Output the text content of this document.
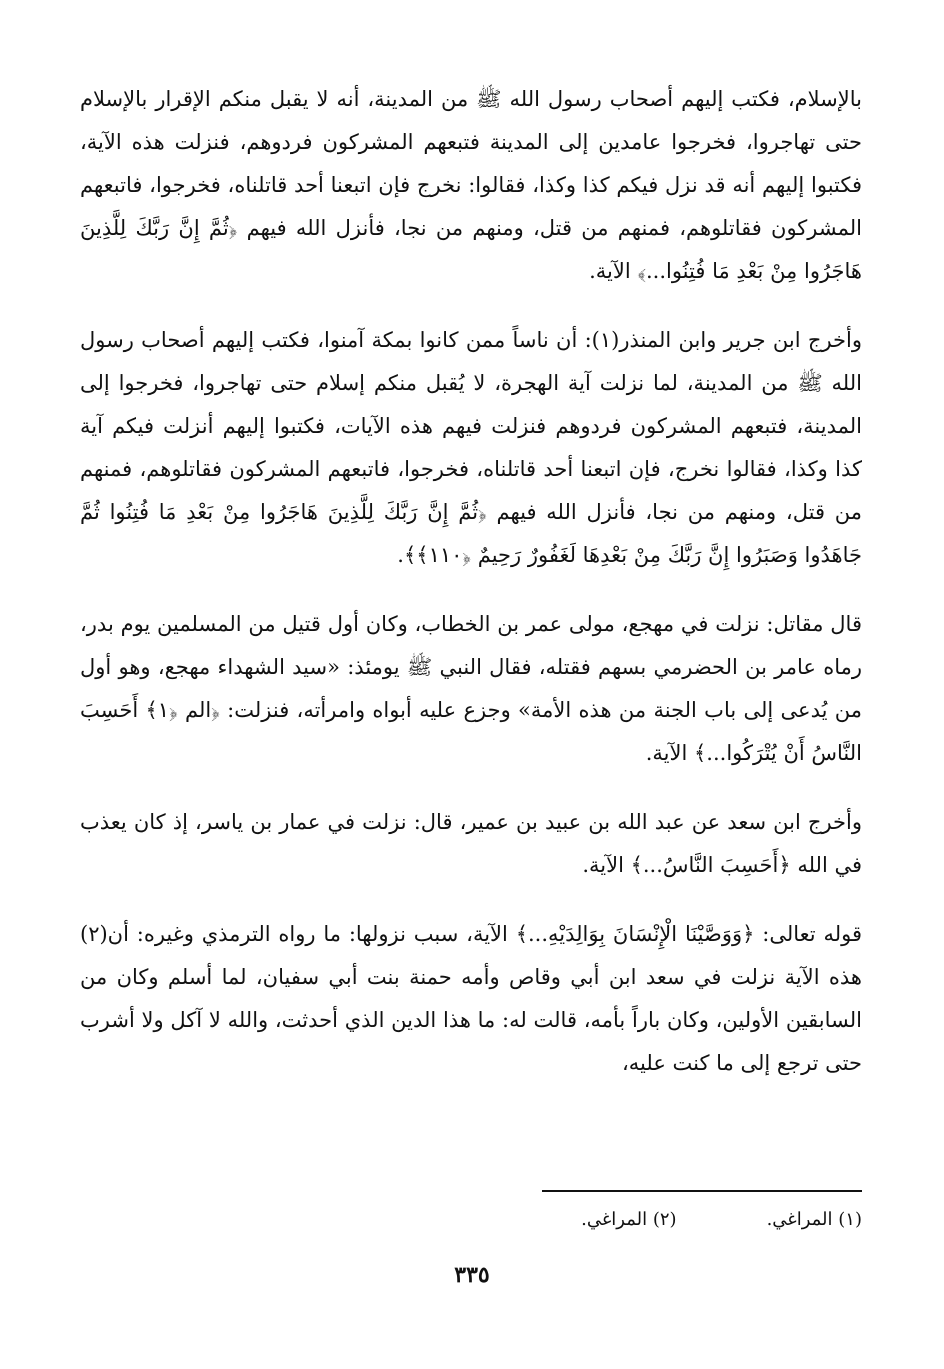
بالإسلام، فكتب إليهم أصحاب رسول الله ﷺ من المدينة، أنه لا يقبل منكم الإقرار بالإسلام حتى تهاجروا، فخرجوا عامدين إلى المدينة فتبعهم المشركون فردوهم، فنزلت هذه الآية، فكتبوا إليهم أنه قد نزل فيكم كذا وكذا، فقالوا: نخرج فإن اتبعنا أحد قاتلناه، فخرجوا، فاتبعهم المشركون فقاتلوهم، فمنهم من قتل، ومنهم من نجا، فأنزل الله فيهم ﴿ثُمَّ إِنَّ رَبَّكَ لِلَّذِينَ هَاجَرُوا مِنْ بَعْدِ مَا فُتِنُوا...﴾ الآية.

وأخرج ابن جرير وابن المنذر(١): أن ناساً ممن كانوا بمكة آمنوا، فكتب إليهم أصحاب رسول الله ﷺ من المدينة، لما نزلت آية الهجرة، لا يُقبل منكم إسلام حتى تهاجروا، فخرجوا إلى المدينة، فتبعهم المشركون فردوهم فنزلت فيهم هذه الآيات، فكتبوا إليهم أنزلت فيكم آية كذا وكذا، فقالوا نخرج، فإن اتبعنا أحد قاتلناه، فخرجوا، فاتبعهم المشركون فقاتلوهم، فمنهم من قتل، ومنهم من نجا، فأنزل الله فيهم ﴿ثُمَّ إِنَّ رَبَّكَ لِلَّذِينَ هَاجَرُوا مِنْ بَعْدِ مَا فُتِنُوا ثُمَّ جَاهَدُوا وَصَبَرُوا إِنَّ رَبَّكَ مِنْ بَعْدِهَا لَغَفُورٌ رَحِيمٌ ﴿١١٠﴾﴾.

قال مقاتل: نزلت في مهجع، مولى عمر بن الخطاب، وكان أول قتيل من المسلمين يوم بدر، رماه عامر بن الحضرمي بسهم فقتله، فقال النبي ﷺ يومئذ: «سيد الشهداء مهجع، وهو أول من يُدعى إلى باب الجنة من هذه الأمة» وجزع عليه أبواه وامرأته، فنزلت: ﴿الم ﴿١﴾ أَحَسِبَ النَّاسُ أَنْ يُتْرَكُوا...﴾ الآية.

وأخرج ابن سعد عن عبد الله بن عبيد بن عمير، قال: نزلت في عمار بن ياسر، إذ كان يعذب في الله ﴿أَحَسِبَ النَّاسُ...﴾ الآية.

قوله تعالى: ﴿وَوَصَّيْنَا الْإِنْسَانَ بِوَالِدَيْهِ...﴾ الآية، سبب نزولها: ما رواه الترمذي وغيره: أن(٢) هذه الآية نزلت في سعد ابن أبي وقاص وأمه حمنة بنت أبي سفيان، لما أسلم وكان من السابقين الأولين، وكان باراً بأمه، قالت له: ما هذا الدين الذي أحدثت، والله لا آكل ولا أشرب حتى ترجع إلى ما كنت عليه،

(١) المراغي.
(٢) المراغي.
٣٣٥
